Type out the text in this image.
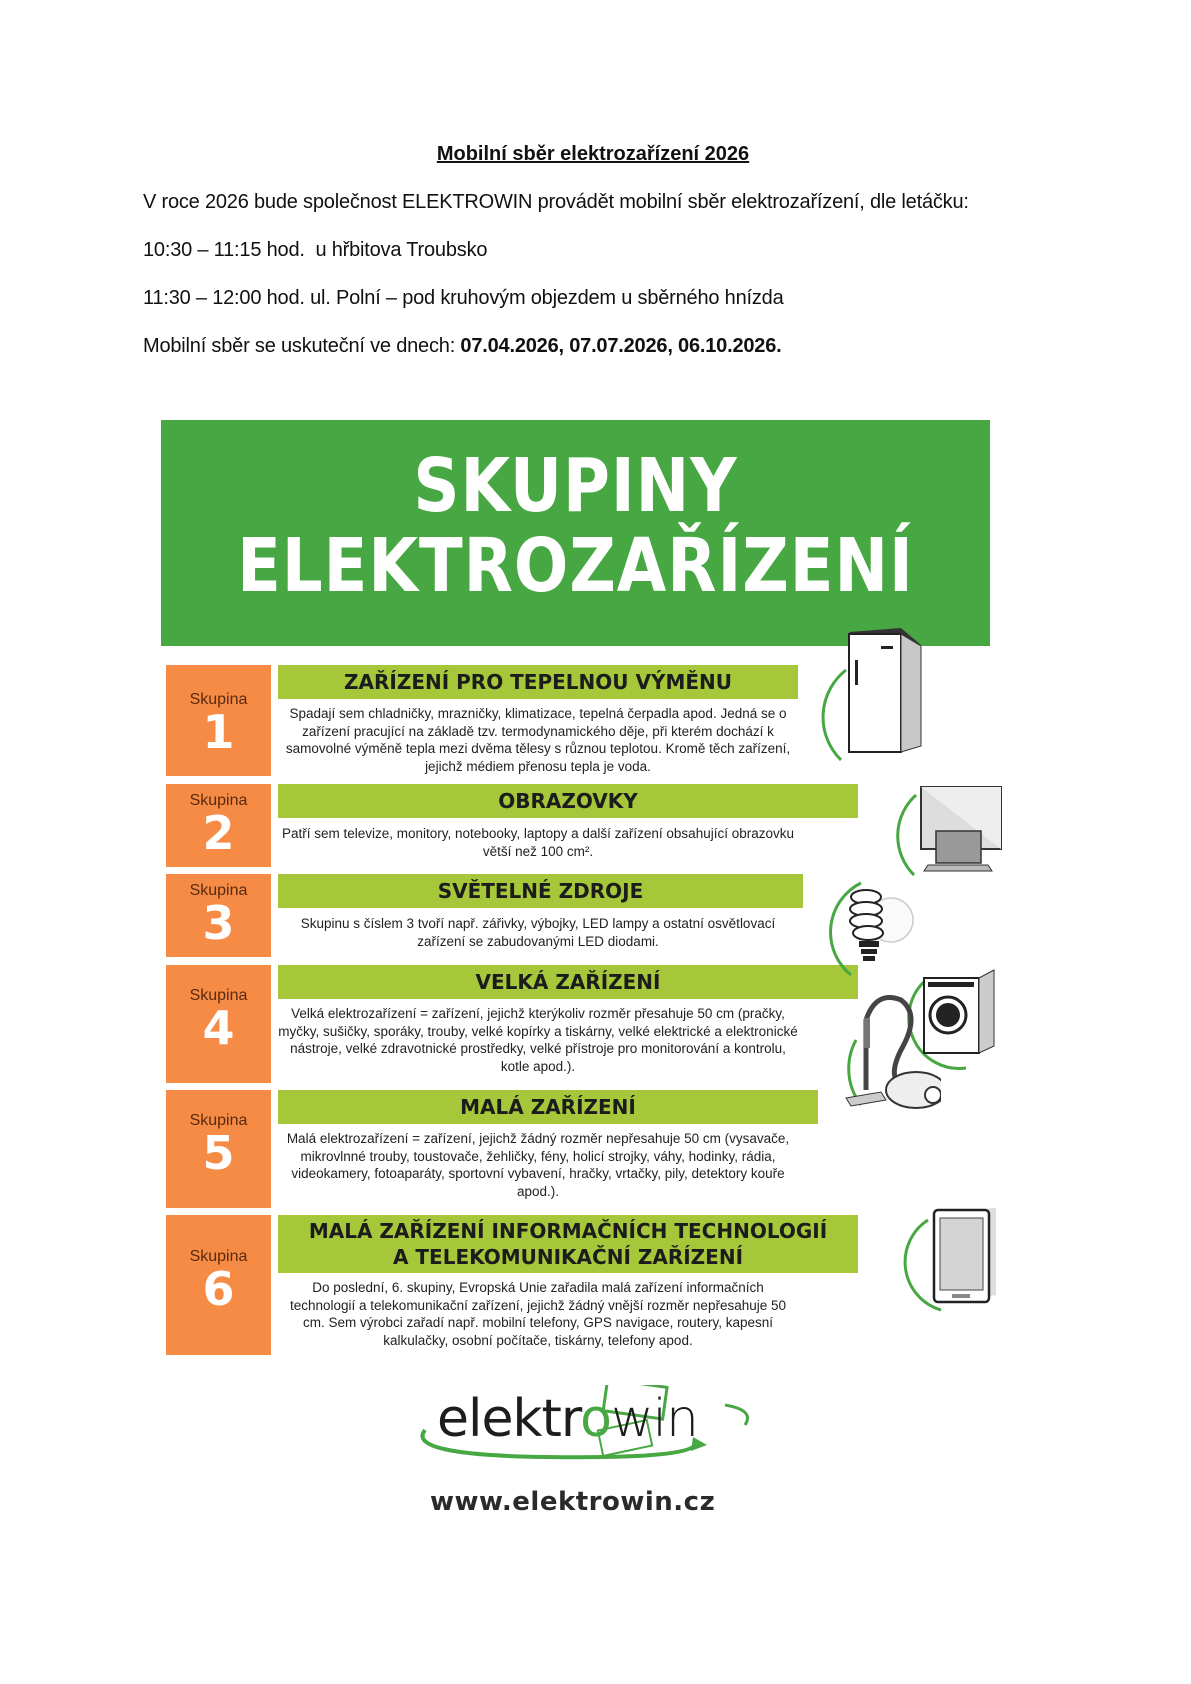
Mobilní sběr elektrozařízení 2026
V roce 2026 bude společnost ELEKTROWIN provádět mobilní sběr elektrozařízení, dle letáčku:
10:30 – 11:15 hod.  u hřbitova Troubsko
11:30 – 12:00 hod. ul. Polní – pod kruhovým objezdem u sběrného hnízda
Mobilní sběr se uskuteční ve dnech: 07.04.2026, 07.07.2026, 06.10.2026.
SKUPINY
ELEKTROZAŘÍZENÍ
Skupina
1
ZAŘÍZENÍ PRO TEPELNOU VÝMĚNU
Spadají sem chladničky, mrazničky, klimatizace, tepelná čerpadla apod. Jedná se o zařízení pracující na základě tzv. termodynamického děje, při kterém dochází k samovolné výměně tepla mezi dvěma tělesy s různou teplotou. Kromě těch zařízení, jejichž médiem přenosu tepla je voda.
Skupina
2
OBRAZOVKY
Patří sem televize, monitory, notebooky, laptopy a další zařízení obsahující obrazovku větší než 100 cm².
Skupina
3
SVĚTELNÉ ZDROJE
Skupinu s číslem 3 tvoří např. zářivky, výbojky, LED lampy a ostatní osvětlovací zařízení se zabudovanými LED diodami.
Skupina
4
VELKÁ ZAŘÍZENÍ
Velká elektrozařízení = zařízení, jejichž kterýkoliv rozměr přesahuje 50 cm (pračky, myčky, sušičky, sporáky, trouby, velké kopírky a tiskárny, velké elektrické a elektronické nástroje, velké zdravotnické prostředky, velké přístroje pro monitorování a kontrolu, kotle apod.).
Skupina
5
MALÁ ZAŘÍZENÍ
Malá elektrozařízení = zařízení, jejichž žádný rozměr nepřesahuje 50 cm (vysavače, mikrovlnné trouby, toustovače, žehličky, fény, holicí strojky, váhy, hodinky, rádia, videokamery, fotoaparáty, sportovní vybavení, hračky, vrtačky, pily, detektory kouře apod.).
Skupina
6
MALÁ ZAŘÍZENÍ INFORMAČNÍCH TECHNOLOGIÍ
A TELEKOMUNIKAČNÍ ZAŘÍZENÍ
Do poslední, 6. skupiny, Evropská Unie zařadila malá zařízení informačních technologií a telekomunikační zařízení, jejichž žádný vnější rozměr nepřesahuje 50 cm. Sem výrobci zařadí např. mobilní telefony, GPS navigace, routery, kapesní kalkulačky, osobní počítače, tiskárny, telefony apod.
elektrowin
www.elektrowin.cz
